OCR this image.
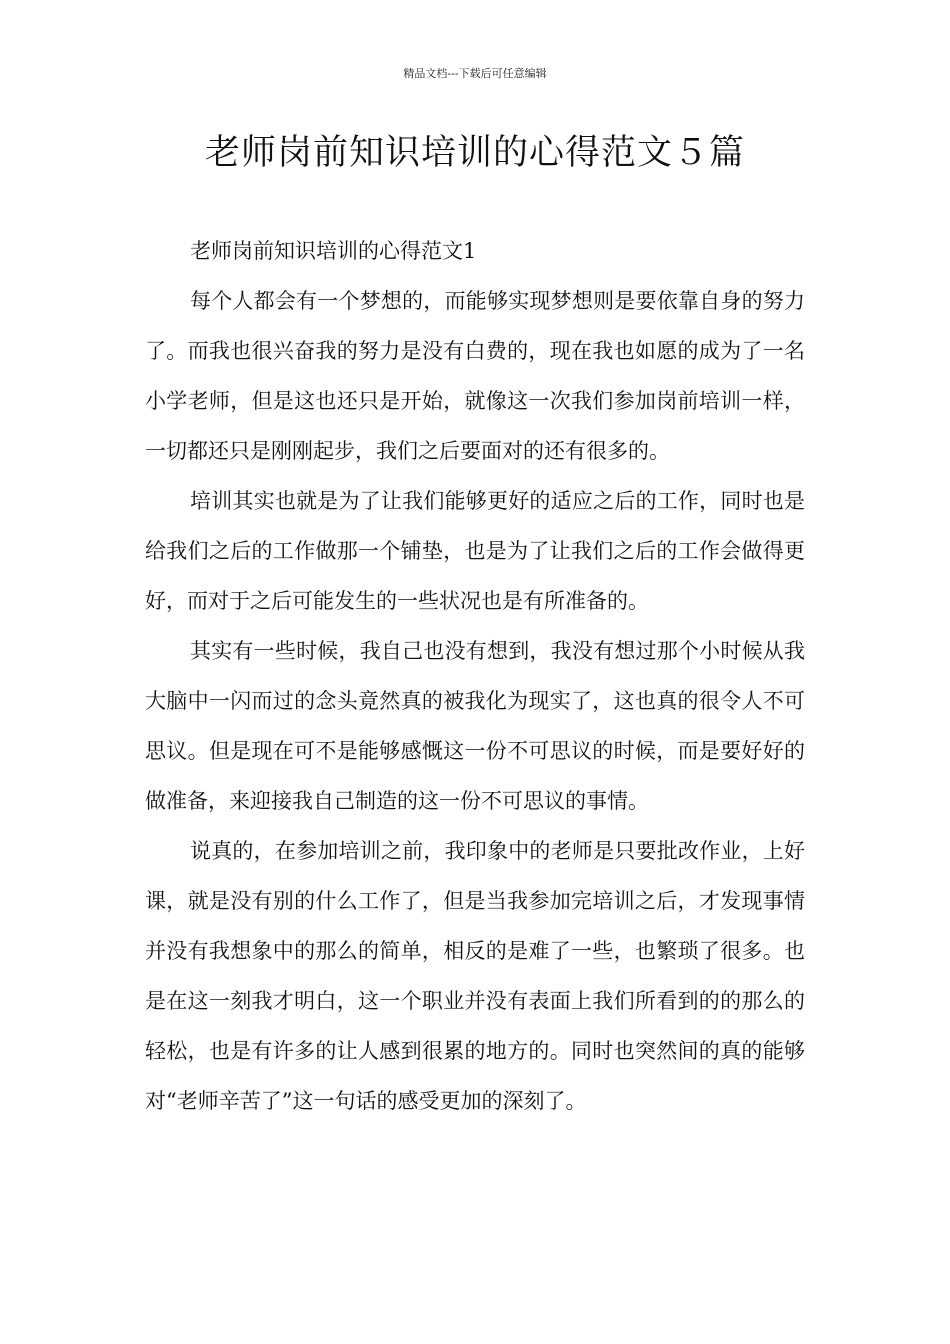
精品文档---下载后可任意编辑
老师岗前知识培训的心得范文５篇

老师岗前知识培训的心得范文1

每个人都会有一个梦想的，而能够实现梦想则是要依靠自身的努力了。而我也很兴奋我的努力是没有白费的，现在我也如愿的成为了一名小学老师，但是这也还只是开始，就像这一次我们参加岗前培训一样，一切都还只是刚刚起步，我们之后要面对的还有很多的。

培训其实也就是为了让我们能够更好的适应之后的工作，同时也是给我们之后的工作做那一个铺垫，也是为了让我们之后的工作会做得更好，而对于之后可能发生的一些状况也是有所准备的。

其实有一些时候，我自己也没有想到，我没有想过那个小时候从我大脑中一闪而过的念头竟然真的被我化为现实了，这也真的很令人不可思议。但是现在可不是能够感慨这一份不可思议的时候，而是要好好的做准备，来迎接我自己制造的这一份不可思议的事情。

说真的，在参加培训之前，我印象中的老师是只要批改作业，上好课，就是没有别的什么工作了，但是当我参加完培训之后，才发现事情并没有我想象中的那么的简单，相反的是难了一些，也繁琐了很多。也是在这一刻我才明白，这一个职业并没有表面上我们所看到的的那么的轻松，也是有许多的让人感到很累的地方的。同时也突然间的真的能够对“老师辛苦了”这一句话的感受更加的深刻了。
